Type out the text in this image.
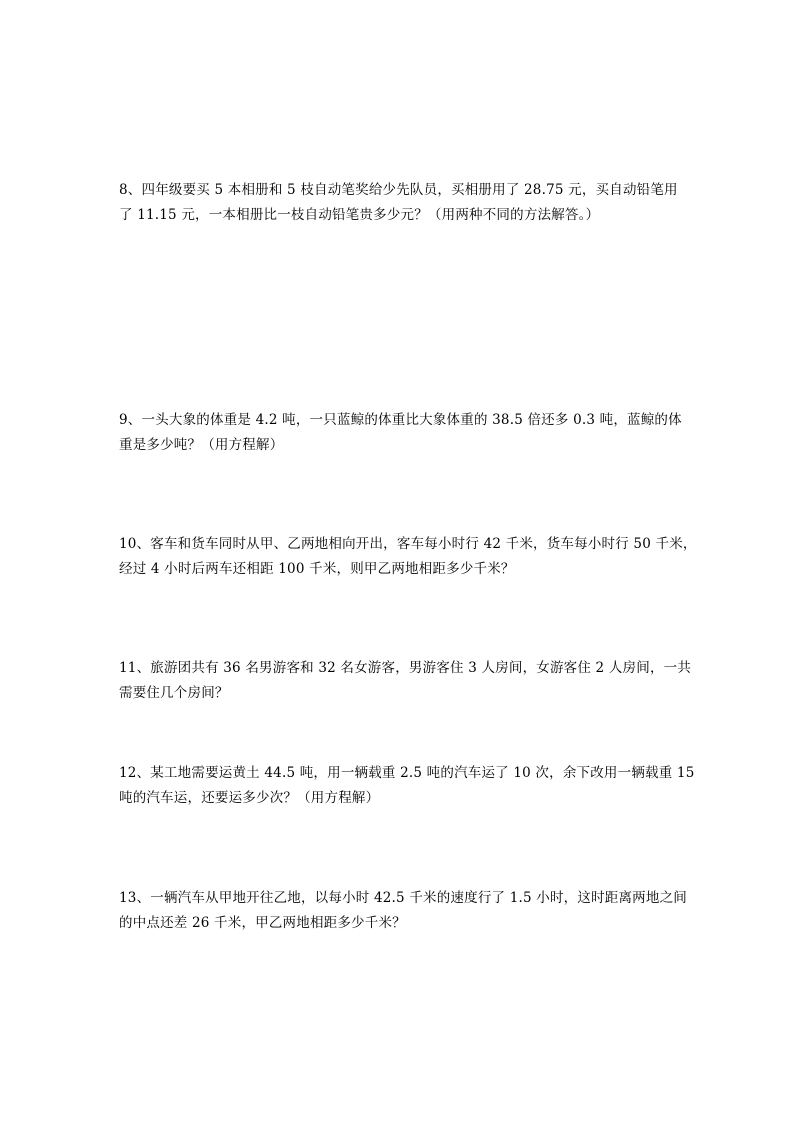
8、四年级要买 5 本相册和 5 枝自动笔奖给少先队员，买相册用了 28.75 元，买自动铅笔用
了 11.15 元，一本相册比一枝自动铅笔贵多少元？（用两种不同的方法解答。）

9、一头大象的体重是 4.2 吨，一只蓝鲸的体重比大象体重的 38.5 倍还多 0.3 吨，蓝鲸的体
重是多少吨？（用方程解）

10、客车和货车同时从甲、乙两地相向开出，客车每小时行 42 千米，货车每小时行 50 千米，
经过 4 小时后两车还相距 100 千米，则甲乙两地相距多少千米？

11、旅游团共有 36 名男游客和 32 名女游客，男游客住 3 人房间，女游客住 2 人房间，一共
需要住几个房间？

12、某工地需要运黄土 44.5 吨，用一辆载重 2.5 吨的汽车运了 10 次，余下改用一辆载重 15
吨的汽车运，还要运多少次？（用方程解）

13、一辆汽车从甲地开往乙地，以每小时 42.5 千米的速度行了 1.5 小时，这时距离两地之间
的中点还差 26 千米，甲乙两地相距多少千米？
